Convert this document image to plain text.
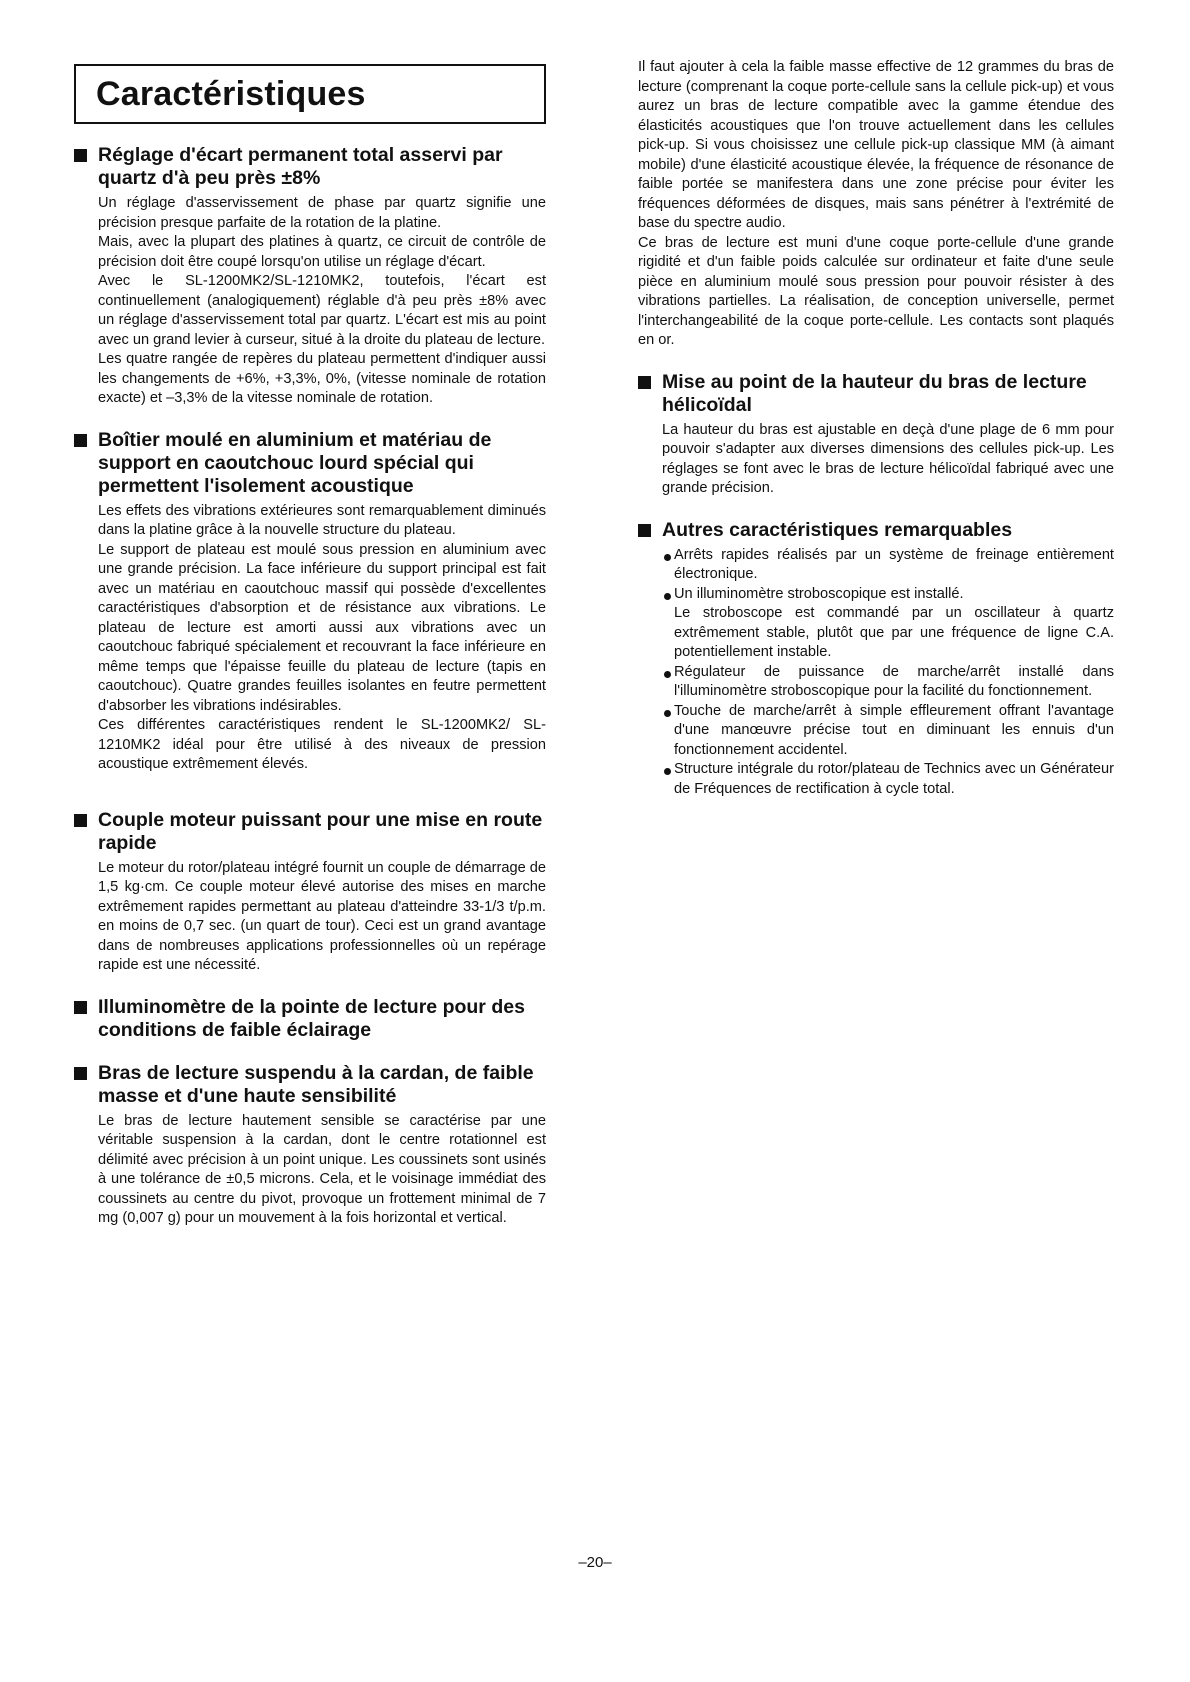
Caractéristiques
Réglage d'écart permanent total asservi par quartz d'à peu près ±8%

Un réglage d'asservissement de phase par quartz signifie une précision presque parfaite de la rotation de la platine.

Mais, avec la plupart des platines à quartz, ce circuit de contrôle de précision doit être coupé lorsqu'on utilise un réglage d'écart.

Avec le SL-1200MK2/SL-1210MK2, toutefois, l'écart est continuellement (analogiquement) réglable d'à peu près ±8% avec un réglage d'asservissement total par quartz. L'écart est mis au point avec un grand levier à curseur, situé à la droite du plateau de lecture.

Les quatre rangée de repères du plateau permettent d'indiquer aussi les changements de +6%, +3,3%, 0%, (vitesse nominale de rotation exacte) et –3,3% de la vitesse nominale de rotation.

Boîtier moulé en aluminium et matériau de support en caoutchouc lourd spécial qui permettent l'isolement acoustique

Les effets des vibrations extérieures sont remarquablement diminués dans la platine grâce à la nouvelle structure du plateau.

Le support de plateau est moulé sous pression en aluminium avec une grande précision. La face inférieure du support principal est fait avec un matériau en caoutchouc massif qui possède d'excellentes caractéristiques d'absorption et de résistance aux vibrations. Le plateau de lecture est amorti aussi aux vibrations avec un caoutchouc fabriqué spécialement et recouvrant la face inférieure en même temps que l'épaisse feuille du plateau de lecture (tapis en caoutchouc). Quatre grandes feuilles isolantes en feutre permettent d'absorber les vibrations indésirables.

Ces différentes caractéristiques rendent le SL-1200MK2/ SL-1210MK2 idéal pour être utilisé à des niveaux de pression acoustique extrêmement élevés.

Couple moteur puissant pour une mise en route rapide

Le moteur du rotor/plateau intégré fournit un couple de démarrage de 1,5 kg·cm. Ce couple moteur élevé autorise des mises en marche extrêmement rapides permettant au plateau d'atteindre 33-1/3 t/p.m. en moins de 0,7 sec. (un quart de tour). Ceci est un grand avantage dans de nombreuses applications professionnelles où un repérage rapide est une nécessité.

Illuminomètre de la pointe de lecture pour des conditions de faible éclairage
Bras de lecture suspendu à la cardan, de faible masse et d'une haute sensibilité

Le bras de lecture hautement sensible se caractérise par une véritable suspension à la cardan, dont le centre rotationnel est délimité avec précision à un point unique. Les coussinets sont usinés à une tolérance de ±0,5 microns. Cela, et le voisinage immédiat des coussinets au centre du pivot, provoque un frottement minimal de 7 mg (0,007 g) pour un mouvement à la fois horizontal et vertical.

Il faut ajouter à cela la faible masse effective de 12 grammes du bras de lecture (comprenant la coque porte-cellule sans la cellule pick-up) et vous aurez un bras de lecture compatible avec la gamme étendue des élasticités acoustiques que l'on trouve actuellement dans les cellules pick-up. Si vous choisissez une cellule pick-up classique MM (à aimant mobile) d'une élasticité acoustique élevée, la fréquence de résonance de faible portée se manifestera dans une zone précise pour éviter les fréquences déformées de disques, mais sans pénétrer à l'extrémité de base du spectre audio.

Ce bras de lecture est muni d'une coque porte-cellule d'une grande rigidité et d'un faible poids calculée sur ordinateur et faite d'une seule pièce en aluminium moulé sous pression pour pouvoir résister à des vibrations partielles. La réalisation, de conception universelle, permet l'interchangeabilité de la coque porte-cellule. Les contacts sont plaqués en or.

Mise au point de la hauteur du bras de lecture hélicoïdal

La hauteur du bras est ajustable en deçà d'une plage de 6 mm pour pouvoir s'adapter aux diverses dimensions des cellules pick-up. Les réglages se font avec le bras de lecture hélicoïdal fabriqué avec une grande précision.

Autres caractéristiques remarquables
Arrêts rapides réalisés par un système de freinage entièrement électronique.
Un illuminomètre stroboscopique est installé.
Le stroboscope est commandé par un oscillateur à quartz extrêmement stable, plutôt que par une fréquence de ligne C.A. potentiellement instable.
Régulateur de puissance de marche/arrêt installé dans l'illuminomètre stroboscopique pour la facilité du fonctionnement.
Touche de marche/arrêt à simple effleurement offrant l'avantage d'une manœuvre précise tout en diminuant les ennuis d'un fonctionnement accidentel.
Structure intégrale du rotor/plateau de Technics avec un Générateur de Fréquences de rectification à cycle total.
–20–
